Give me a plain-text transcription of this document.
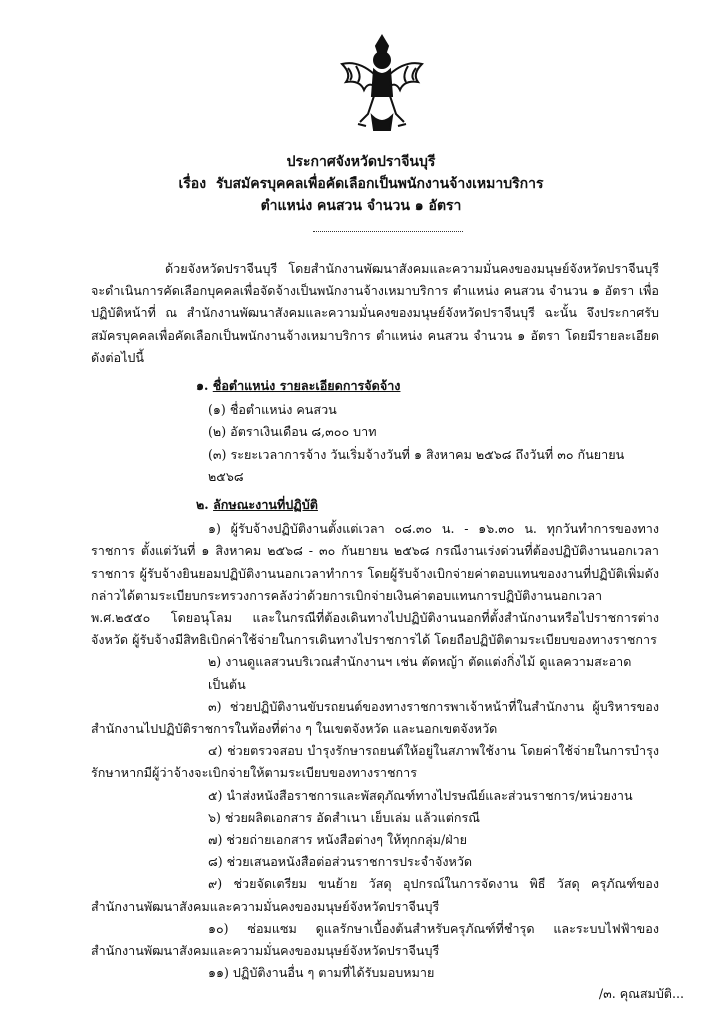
ประกาศจังหวัดปราจีนบุรี
เรื่อง รับสมัครบุคคลเพื่อคัดเลือกเป็นพนักงานจ้างเหมาบริการ
ตำแหน่ง คนสวน จำนวน ๑ อัตรา

ด้วยจังหวัดปราจีนบุรี โดยสำนักงานพัฒนาสังคมและความมั่นคงของมนุษย์จังหวัดปราจีนบุรี จะดำเนินการคัดเลือกบุคคลเพื่อจัดจ้างเป็นพนักงานจ้างเหมาบริการ ตำแหน่ง คนสวน จำนวน ๑ อัตรา เพื่อปฏิบัติหน้าที่ ณ สำนักงานพัฒนาสังคมและความมั่นคงของมนุษย์จังหวัดปราจีนบุรี ฉะนั้น จึงประกาศรับสมัครบุคคลเพื่อคัดเลือกเป็นพนักงานจ้างเหมาบริการ ตำแหน่ง คนสวน จำนวน ๑ อัตรา โดยมีรายละเอียดดังต่อไปนี้

๑. ชื่อตำแหน่ง รายละเอียดการจัดจ้าง

(๑) ชื่อตำแหน่ง คนสวน

(๒) อัตราเงินเดือน ๘,๓๐๐ บาท

(๓) ระยะเวลาการจ้าง วันเริ่มจ้างวันที่ ๑ สิงหาคม ๒๕๖๘ ถึงวันที่ ๓๐ กันยายน ๒๕๖๘

๒. ลักษณะงานที่ปฏิบัติ

๑) ผู้รับจ้างปฏิบัติงานตั้งแต่เวลา ๐๘.๓๐ น. - ๑๖.๓๐ น. ทุกวันทำการของทางราชการ ตั้งแต่วันที่ ๑ สิงหาคม ๒๕๖๘ - ๓๐ กันยายน ๒๕๖๘ กรณีงานเร่งด่วนที่ต้องปฏิบัติงานนอกเวลาราชการ ผู้รับจ้างยินยอมปฏิบัติงานนอกเวลาทำการ โดยผู้รับจ้างเบิกจ่ายค่าตอบแทนของงานที่ปฏิบัติเพิ่มดังกล่าวได้ตามระเบียบกระทรวงการคลังว่าด้วยการเบิกจ่ายเงินค่าตอบแทนการปฏิบัติงานนอกเวลา พ.ศ.๒๕๕๐ โดยอนุโลม และในกรณีที่ต้องเดินทางไปปฏิบัติงานนอกที่ตั้งสำนักงานหรือไปราชการต่างจังหวัด ผู้รับจ้างมีสิทธิเบิกค่าใช้จ่ายในการเดินทางไปราชการได้ โดยถือปฏิบัติตามระเบียบของทางราชการ

๒) งานดูแลสวนบริเวณสำนักงานฯ เช่น ตัดหญ้า ตัดแต่งกิ่งไม้ ดูแลความสะอาด เป็นต้น

๓) ช่วยปฏิบัติงานขับรถยนต์ของทางราชการพาเจ้าหน้าที่ในสำนักงาน ผู้บริหารของสำนักงานไปปฏิบัติราชการในท้องที่ต่าง ๆ ในเขตจังหวัด และนอกเขตจังหวัด

๔) ช่วยตรวจสอบ บำรุงรักษารถยนต์ให้อยู่ในสภาพใช้งาน โดยค่าใช้จ่ายในการบำรุงรักษาหากมีผู้ว่าจ้างจะเบิกจ่ายให้ตามระเบียบของทางราชการ

๕) นำส่งหนังสือราชการและพัสดุภัณฑ์ทางไปรษณีย์และส่วนราชการ/หน่วยงาน

๖) ช่วยผลิตเอกสาร อัดสำเนา เย็บเล่ม แล้วแต่กรณี

๗) ช่วยถ่ายเอกสาร หนังสือต่างๆ ให้ทุกกลุ่ม/ฝ่าย

๘) ช่วยเสนอหนังสือต่อส่วนราชการประจำจังหวัด

๙) ช่วยจัดเตรียม ขนย้าย วัสดุ อุปกรณ์ในการจัดงาน พิธี วัสดุ ครุภัณฑ์ของสำนักงานพัฒนาสังคมและความมั่นคงของมนุษย์จังหวัดปราจีนบุรี

๑๐) ซ่อมแซม ดูแลรักษาเบื้องต้นสำหรับครุภัณฑ์ที่ชำรุด และระบบไฟฟ้าของสำนักงานพัฒนาสังคมและความมั่นคงของมนุษย์จังหวัดปราจีนบุรี

๑๑) ปฏิบัติงานอื่น ๆ ตามที่ได้รับมอบหมาย

/๓. คุณสมบัติ...
